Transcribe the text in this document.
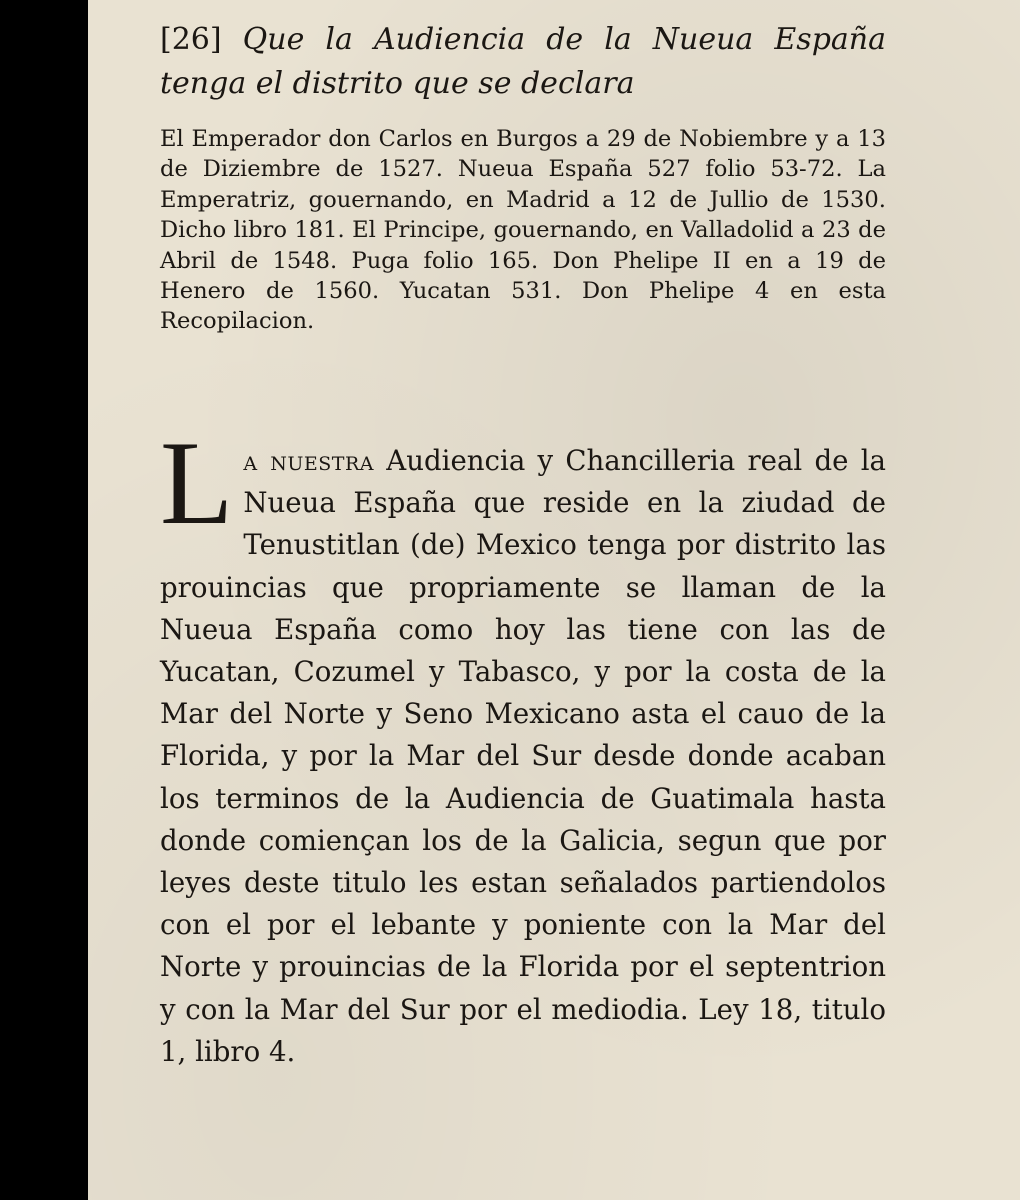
[26] Que la Audiencia de la Nueua España tenga el distrito que se declara
El Emperador don Carlos en Burgos a 29 de Nobiembre y a 13 de Diziembre de 1527. Nueua España 527 folio 53-72. La Emperatriz, gouernando, en Madrid a 12 de Jullio de 1530. Dicho libro 181. El Principe, gouernando, en Valladolid a 23 de Abril de 1548. Puga folio 165. Don Phelipe II en a 19 de Henero de 1560. Yucatan 531. Don Phelipe 4 en esta Recopilacion.
L a nuestra Audiencia y Chancilleria real de la Nueua España que reside en la ziudad de Tenustitlan (de) Mexico tenga por distrito las prouincias que propriamente se llaman de la Nueua España como hoy las tiene con las de Yucatan, Cozumel y Tabasco, y por la costa de la Mar del Norte y Seno Mexicano asta el cauo de la Florida, y por la Mar del Sur desde donde acaban los terminos de la Audiencia de Guatimala hasta donde comiençan los de la Galicia, segun que por leyes deste titulo les estan señalados partiendolos con el por el lebante y poniente con la Mar del Norte y prouincias de la Florida por el septentrion y con la Mar del Sur por el mediodia. Ley 18, titulo 1, libro 4.
